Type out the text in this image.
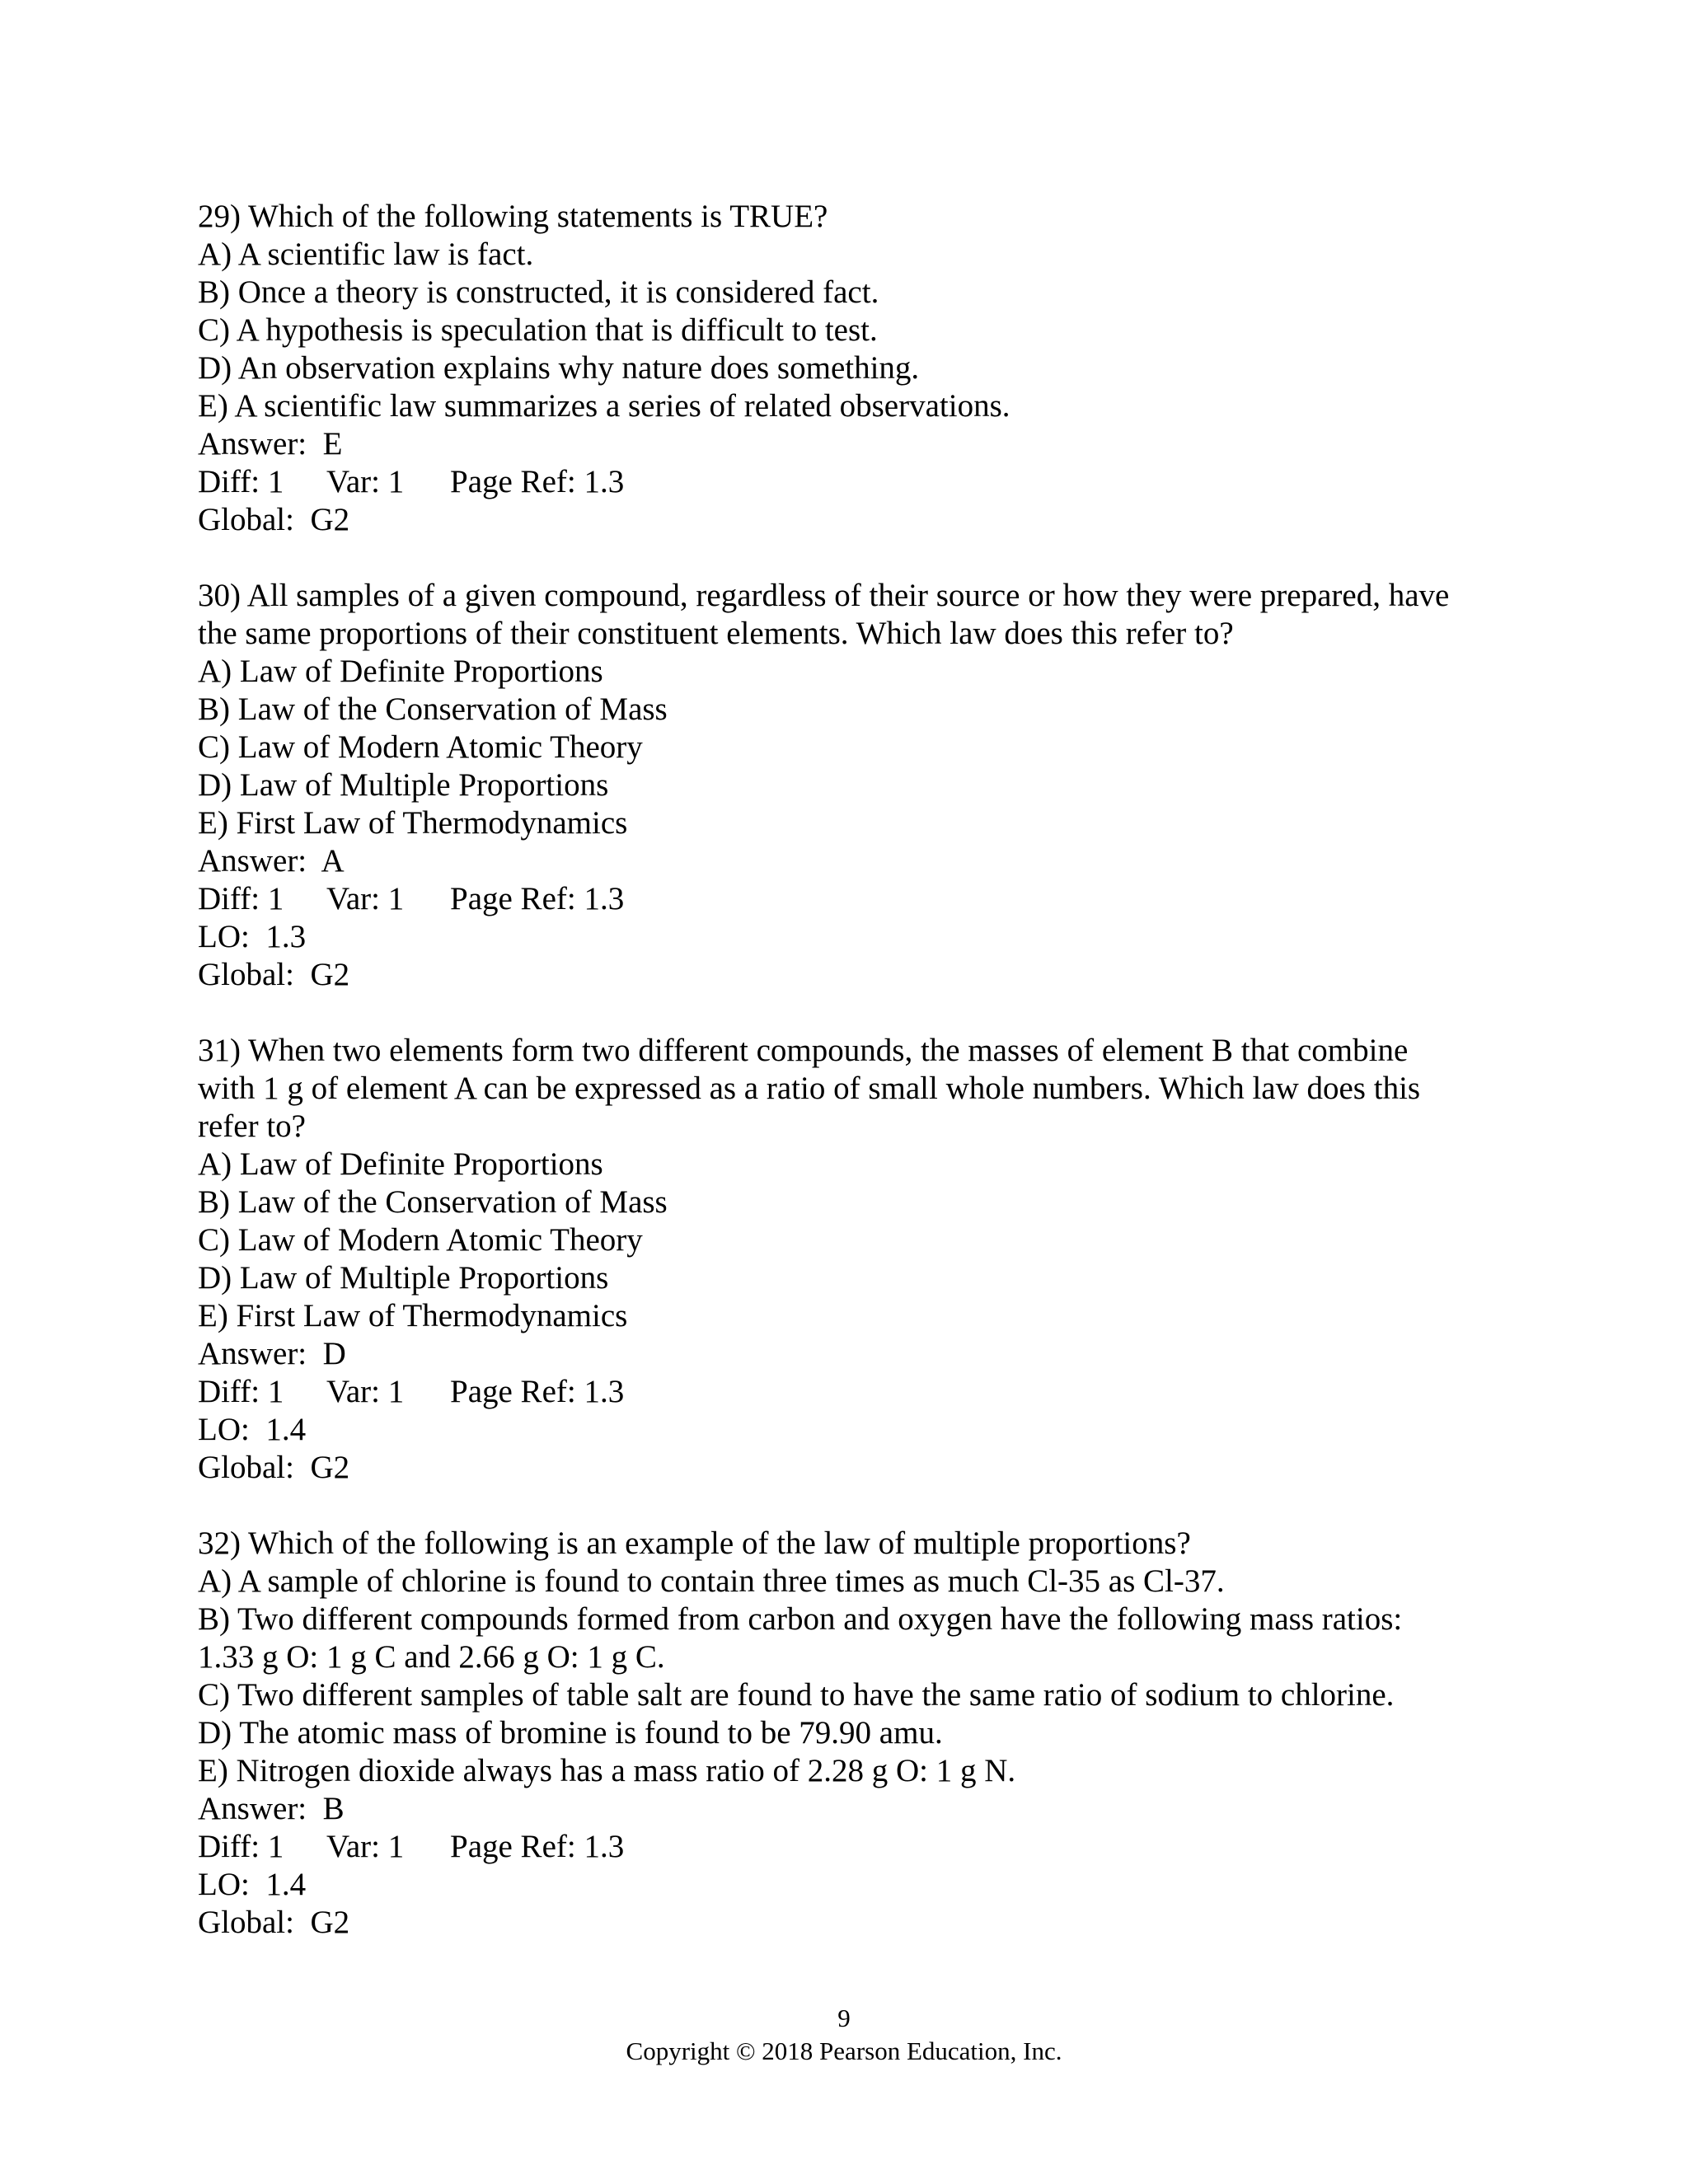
29) Which of the following statements is TRUE?
A) A scientific law is fact.
B) Once a theory is constructed, it is considered fact.
C) A hypothesis is speculation that is difficult to test.
D) An observation explains why nature does something.
E) A scientific law summarizes a series of related observations.
Answer:  E
Diff: 1 Var: 1 Page Ref: 1.3
Global:  G2
30) All samples of a given compound, regardless of their source or how they were prepared, have
the same proportions of their constituent elements. Which law does this refer to?
A) Law of Definite Proportions
B) Law of the Conservation of Mass
C) Law of Modern Atomic Theory
D) Law of Multiple Proportions
E) First Law of Thermodynamics
Answer:  A
Diff: 1 Var: 1 Page Ref: 1.3
LO:  1.3
Global:  G2
31) When two elements form two different compounds, the masses of element B that combine
with 1 g of element A can be expressed as a ratio of small whole numbers. Which law does this
refer to?
A) Law of Definite Proportions
B) Law of the Conservation of Mass
C) Law of Modern Atomic Theory
D) Law of Multiple Proportions
E) First Law of Thermodynamics
Answer:  D
Diff: 1 Var: 1 Page Ref: 1.3
LO:  1.4
Global:  G2
32) Which of the following is an example of the law of multiple proportions?
A) A sample of chlorine is found to contain three times as much Cl-35 as Cl-37.
B) Two different compounds formed from carbon and oxygen have the following mass ratios:
1.33 g O: 1 g C and 2.66 g O: 1 g C.
C) Two different samples of table salt are found to have the same ratio of sodium to chlorine.
D) The atomic mass of bromine is found to be 79.90 amu.
E) Nitrogen dioxide always has a mass ratio of 2.28 g O: 1 g N.
Answer:  B
Diff: 1 Var: 1 Page Ref: 1.3
LO:  1.4
Global:  G2
9
Copyright © 2018 Pearson Education, Inc.
